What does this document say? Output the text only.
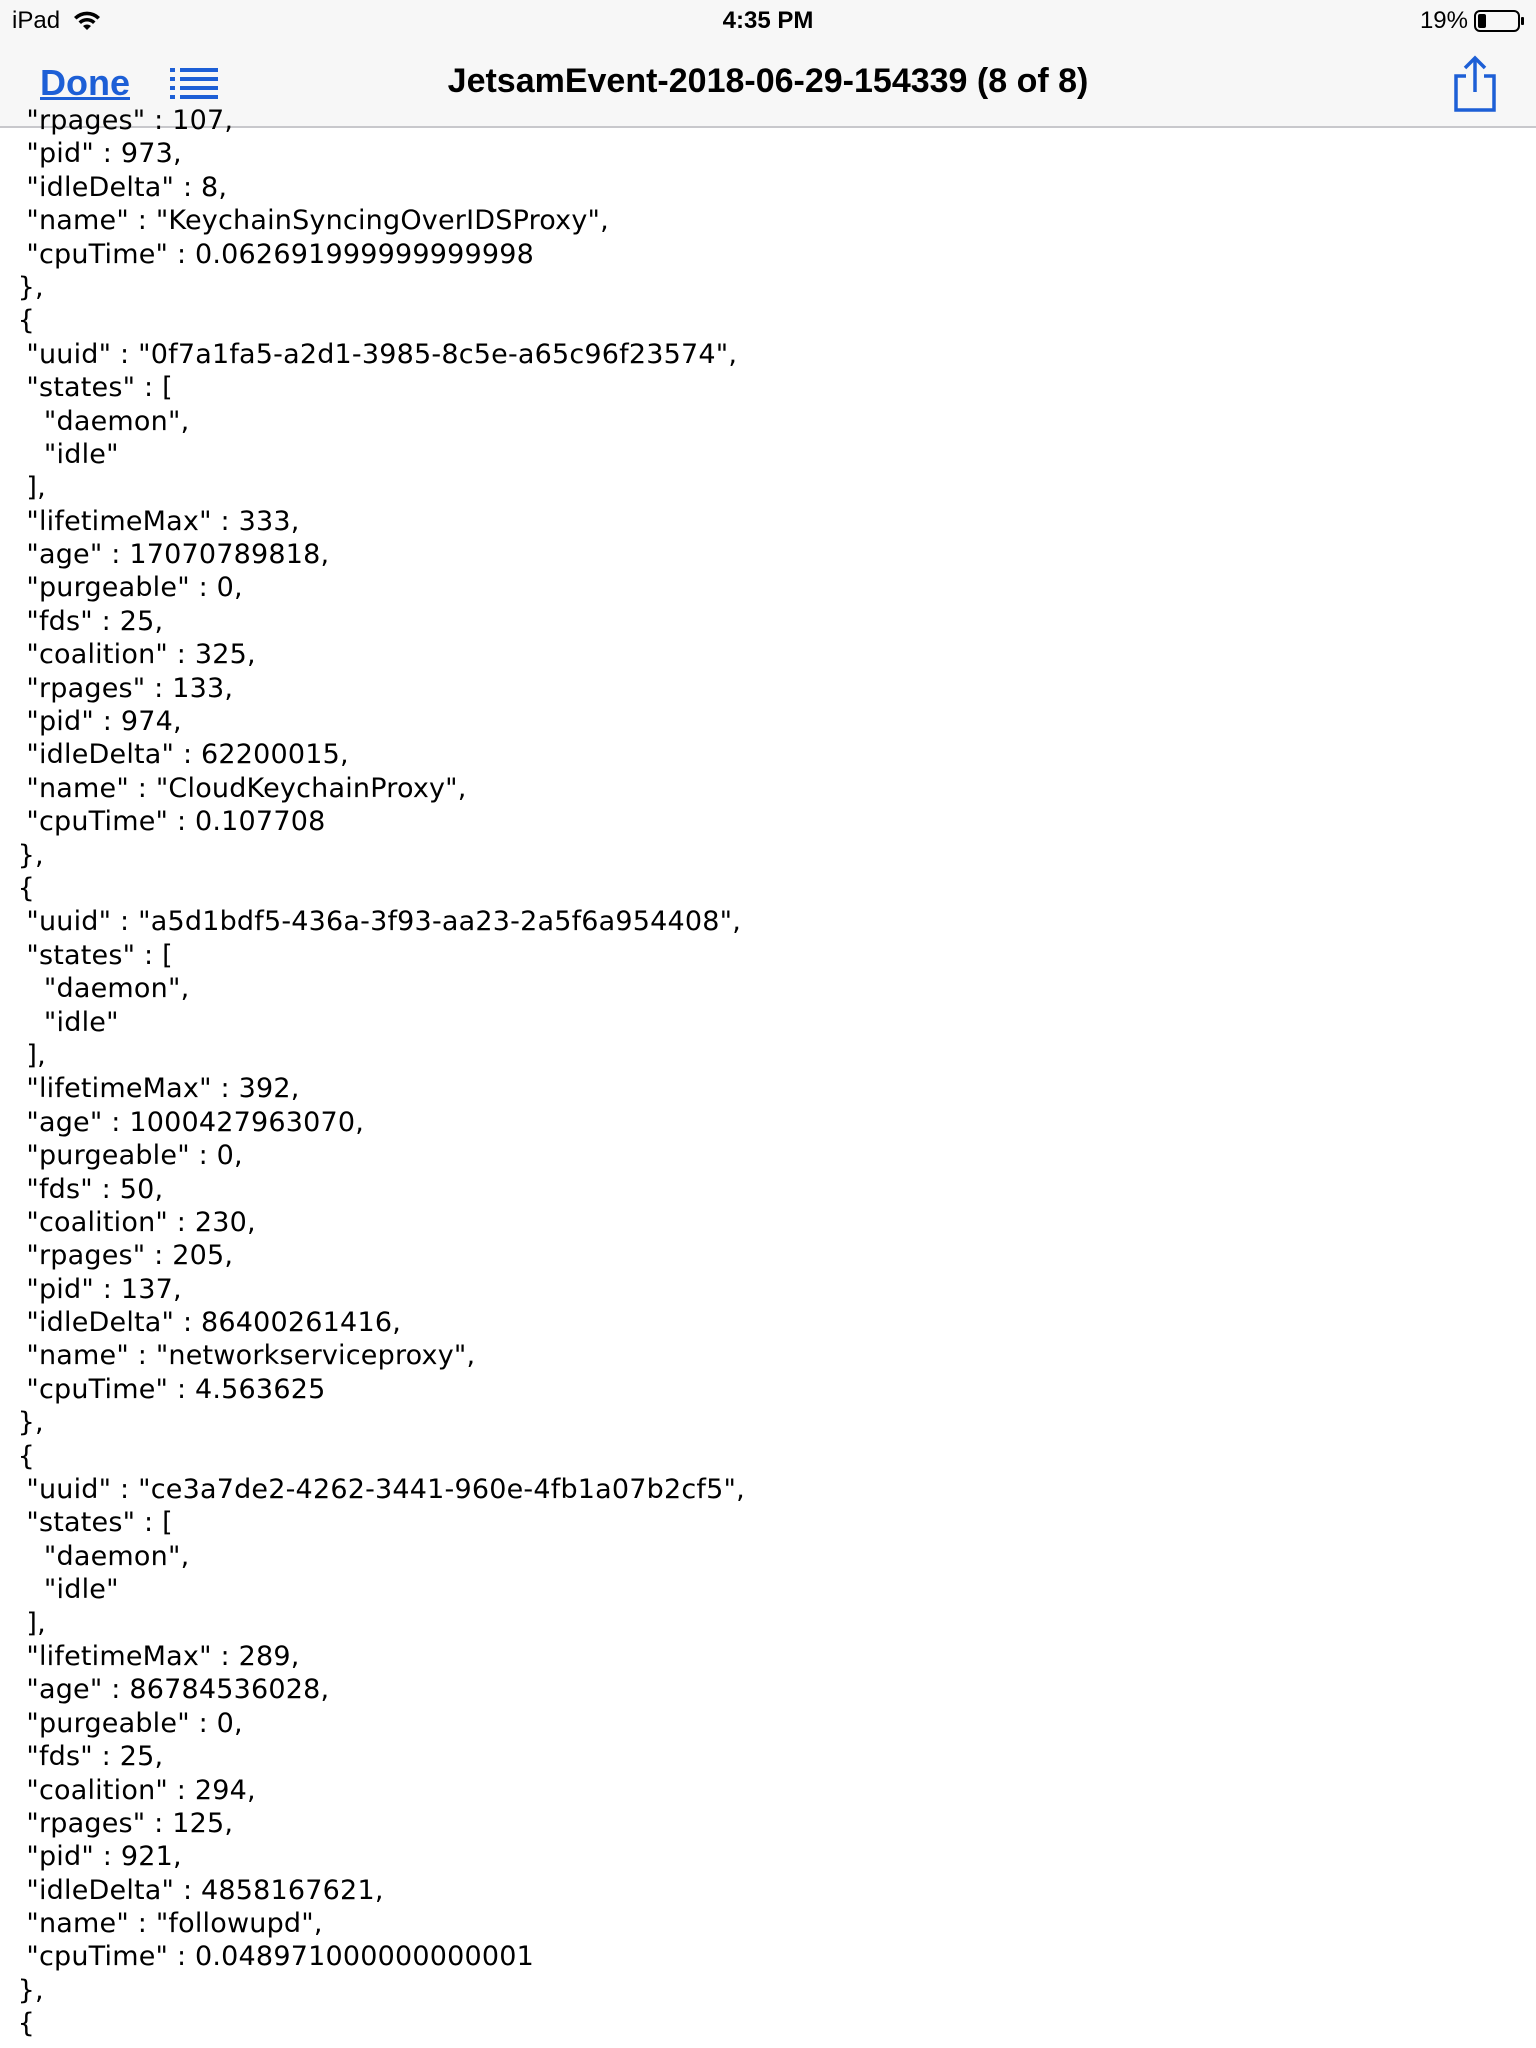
iPad	4:35 PM	19%
Done	JetsamEvent-2018-06-29-154339 (8 of 8)
"rpages" : 107,
"pid" : 973,
"idleDelta" : 8,
"name" : "KeychainSyncingOverIDSProxy",
"cpuTime" : 0.062691999999999998
},
{
"uuid" : "0f7a1fa5-a2d1-3985-8c5e-a65c96f23574",
"states" : [
"daemon",
"idle"
],
"lifetimeMax" : 333,
"age" : 17070789818,
"purgeable" : 0,
"fds" : 25,
"coalition" : 325,
"rpages" : 133,
"pid" : 974,
"idleDelta" : 62200015,
"name" : "CloudKeychainProxy",
"cpuTime" : 0.107708
},
{
"uuid" : "a5d1bdf5-436a-3f93-aa23-2a5f6a954408",
"states" : [
"daemon",
"idle"
],
"lifetimeMax" : 392,
"age" : 1000427963070,
"purgeable" : 0,
"fds" : 50,
"coalition" : 230,
"rpages" : 205,
"pid" : 137,
"idleDelta" : 86400261416,
"name" : "networkserviceproxy",
"cpuTime" : 4.563625
},
{
"uuid" : "ce3a7de2-4262-3441-960e-4fb1a07b2cf5",
"states" : [
"daemon",
"idle"
],
"lifetimeMax" : 289,
"age" : 86784536028,
"purgeable" : 0,
"fds" : 25,
"coalition" : 294,
"rpages" : 125,
"pid" : 921,
"idleDelta" : 4858167621,
"name" : "followupd",
"cpuTime" : 0.048971000000000001
},
{
